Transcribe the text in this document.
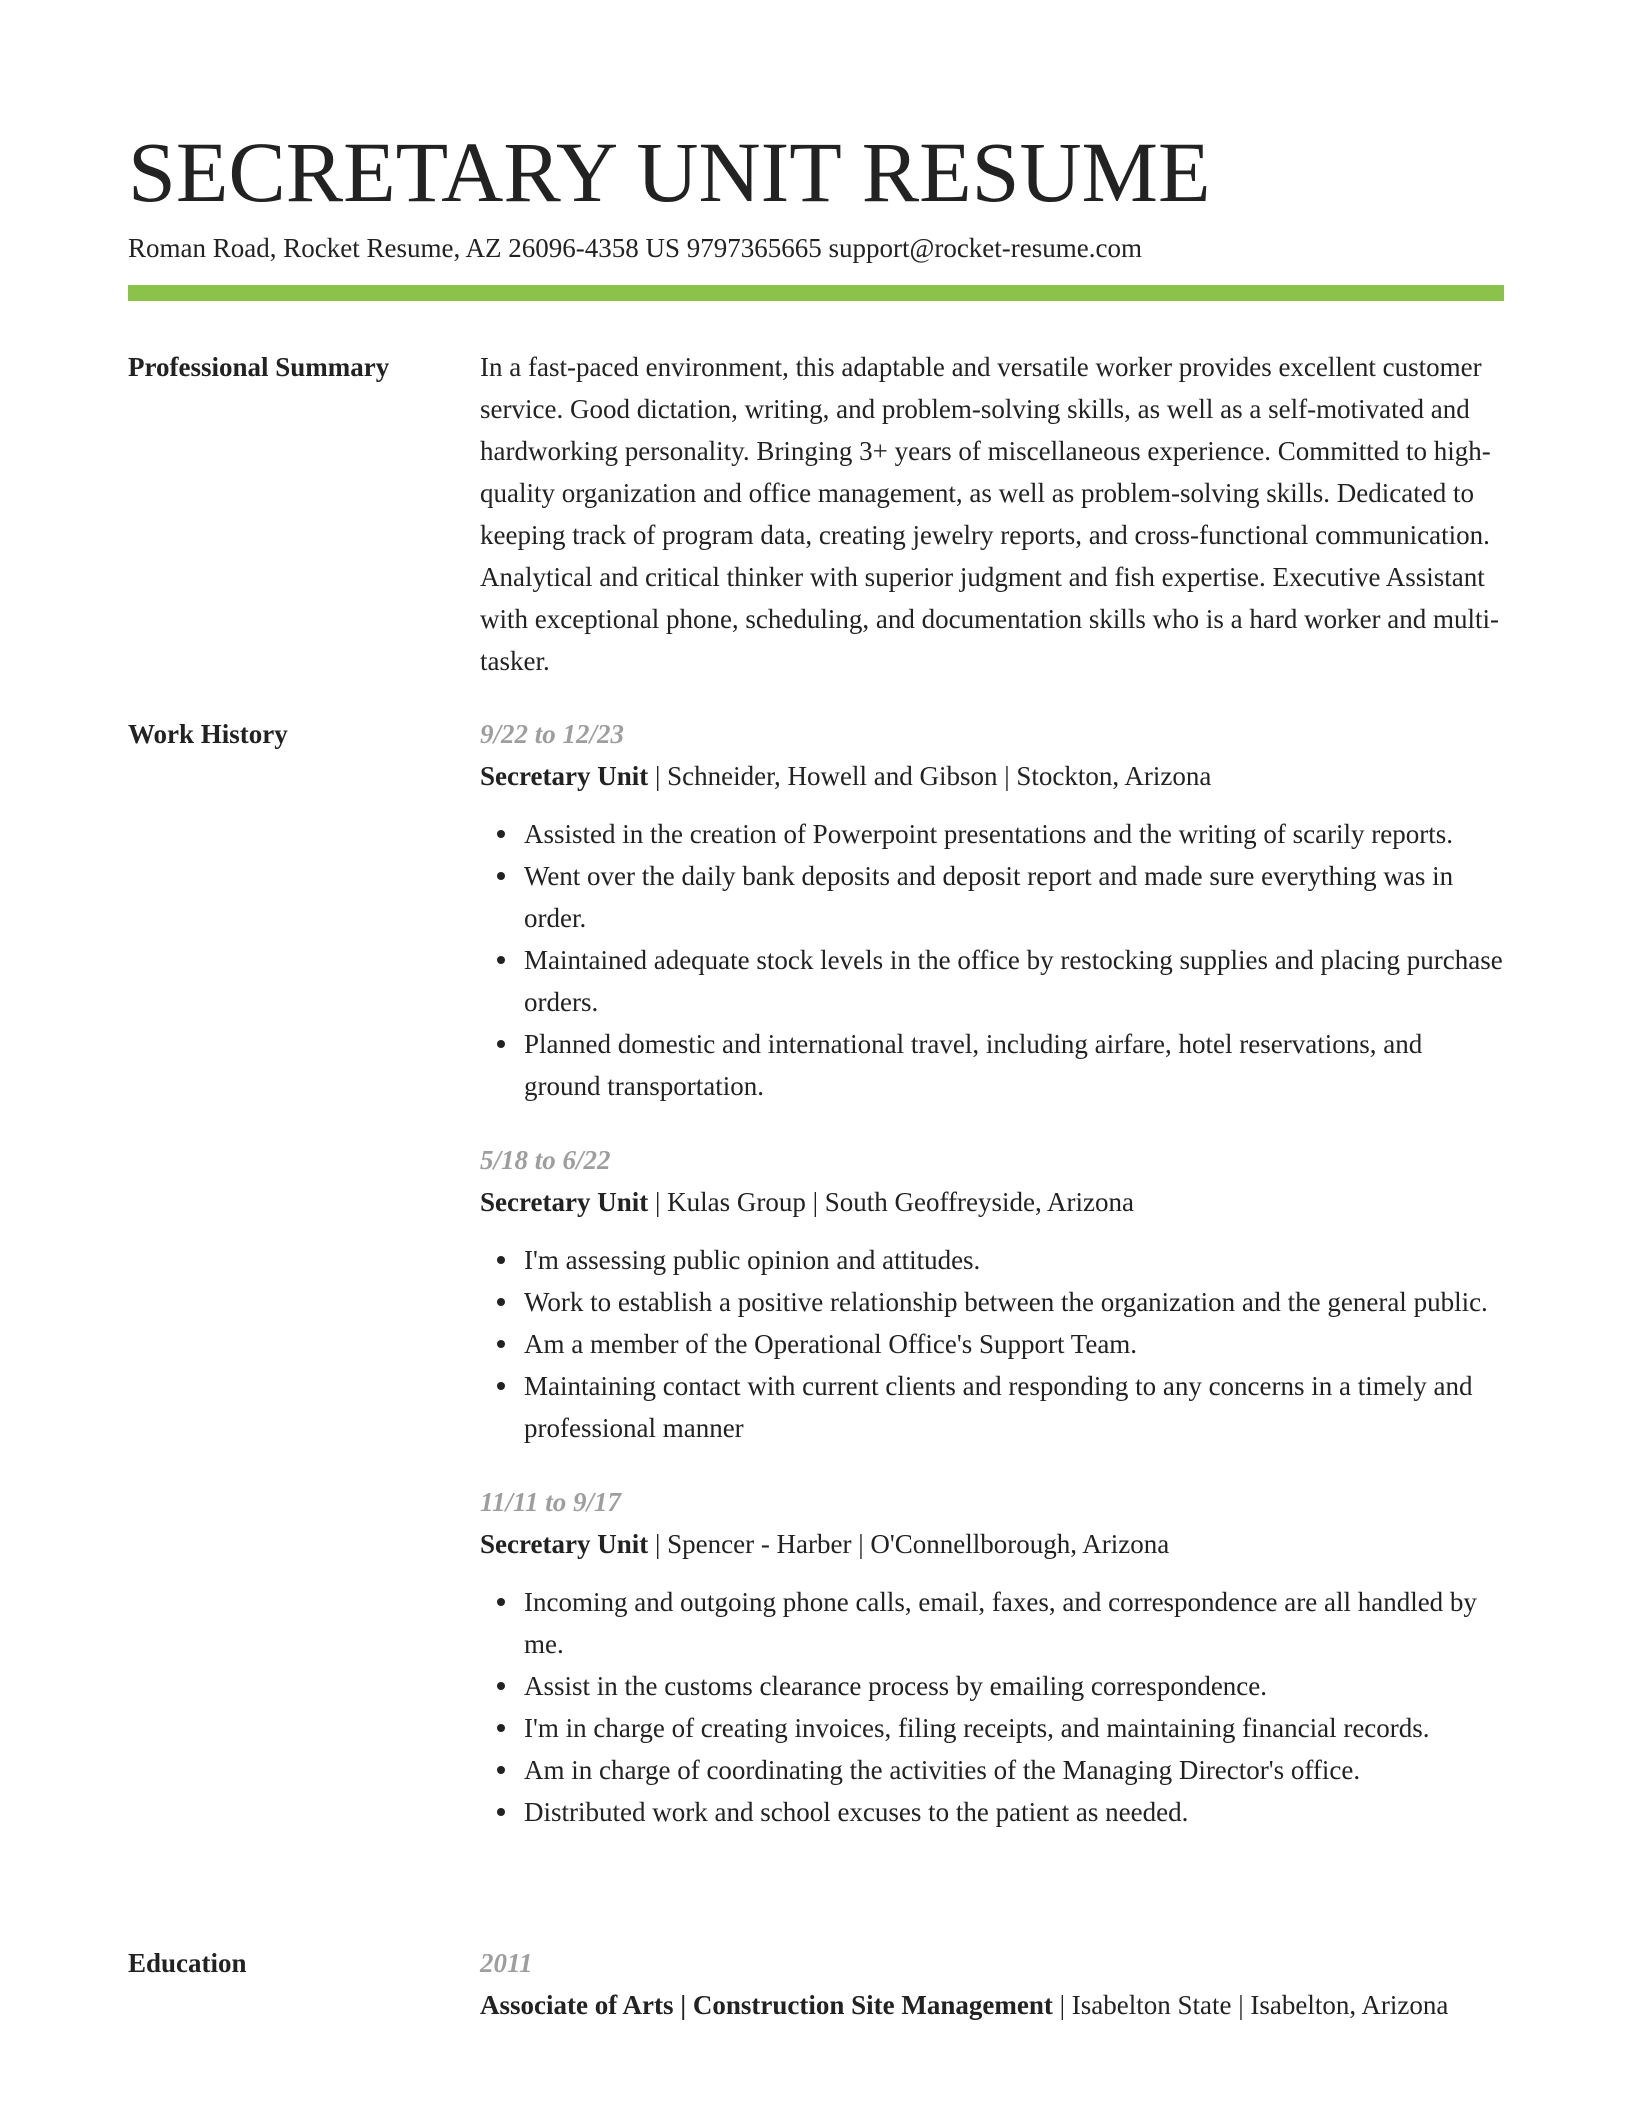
SECRETARY UNIT RESUME
Roman Road, Rocket Resume, AZ 26096-4358 US 9797365665 support@rocket-resume.com
Professional Summary	In a fast-paced environment, this adaptable and versatile worker provides excellent customer service. Good dictation, writing, and problem-solving skills, as well as a self-motivated and hardworking personality. Bringing 3+ years of miscellaneous experience. Committed to high-quality organization and office management, as well as problem-solving skills. Dedicated to keeping track of program data, creating jewelry reports, and cross-functional communication. Analytical and critical thinker with superior judgment and fish expertise. Executive Assistant with exceptional phone, scheduling, and documentation skills who is a hard worker and multi-tasker.

Work History	9/22 to 12/23
Secretary Unit | Schneider, Howell and Gibson | Stockton, Arizona
Assisted in the creation of Powerpoint presentations and the writing of scarily reports.
Went over the daily bank deposits and deposit report and made sure everything was in order.
Maintained adequate stock levels in the office by restocking supplies and placing purchase orders.
Planned domestic and international travel, including airfare, hotel reservations, and ground transportation.
5/18 to 6/22
Secretary Unit | Kulas Group | South Geoffreyside, Arizona
I'm assessing public opinion and attitudes.
Work to establish a positive relationship between the organization and the general public.
Am a member of the Operational Office's Support Team.
Maintaining contact with current clients and responding to any concerns in a timely and professional manner
11/11 to 9/17
Secretary Unit | Spencer - Harber | O'Connellborough, Arizona
Incoming and outgoing phone calls, email, faxes, and correspondence are all handled by me.
Assist in the customs clearance process by emailing correspondence.
I'm in charge of creating invoices, filing receipts, and maintaining financial records.
Am in charge of coordinating the activities of the Managing Director's office.
Distributed work and school excuses to the patient as needed.
Education	2011
Associate of Arts | Construction Site Management | Isabelton State | Isabelton, Arizona
